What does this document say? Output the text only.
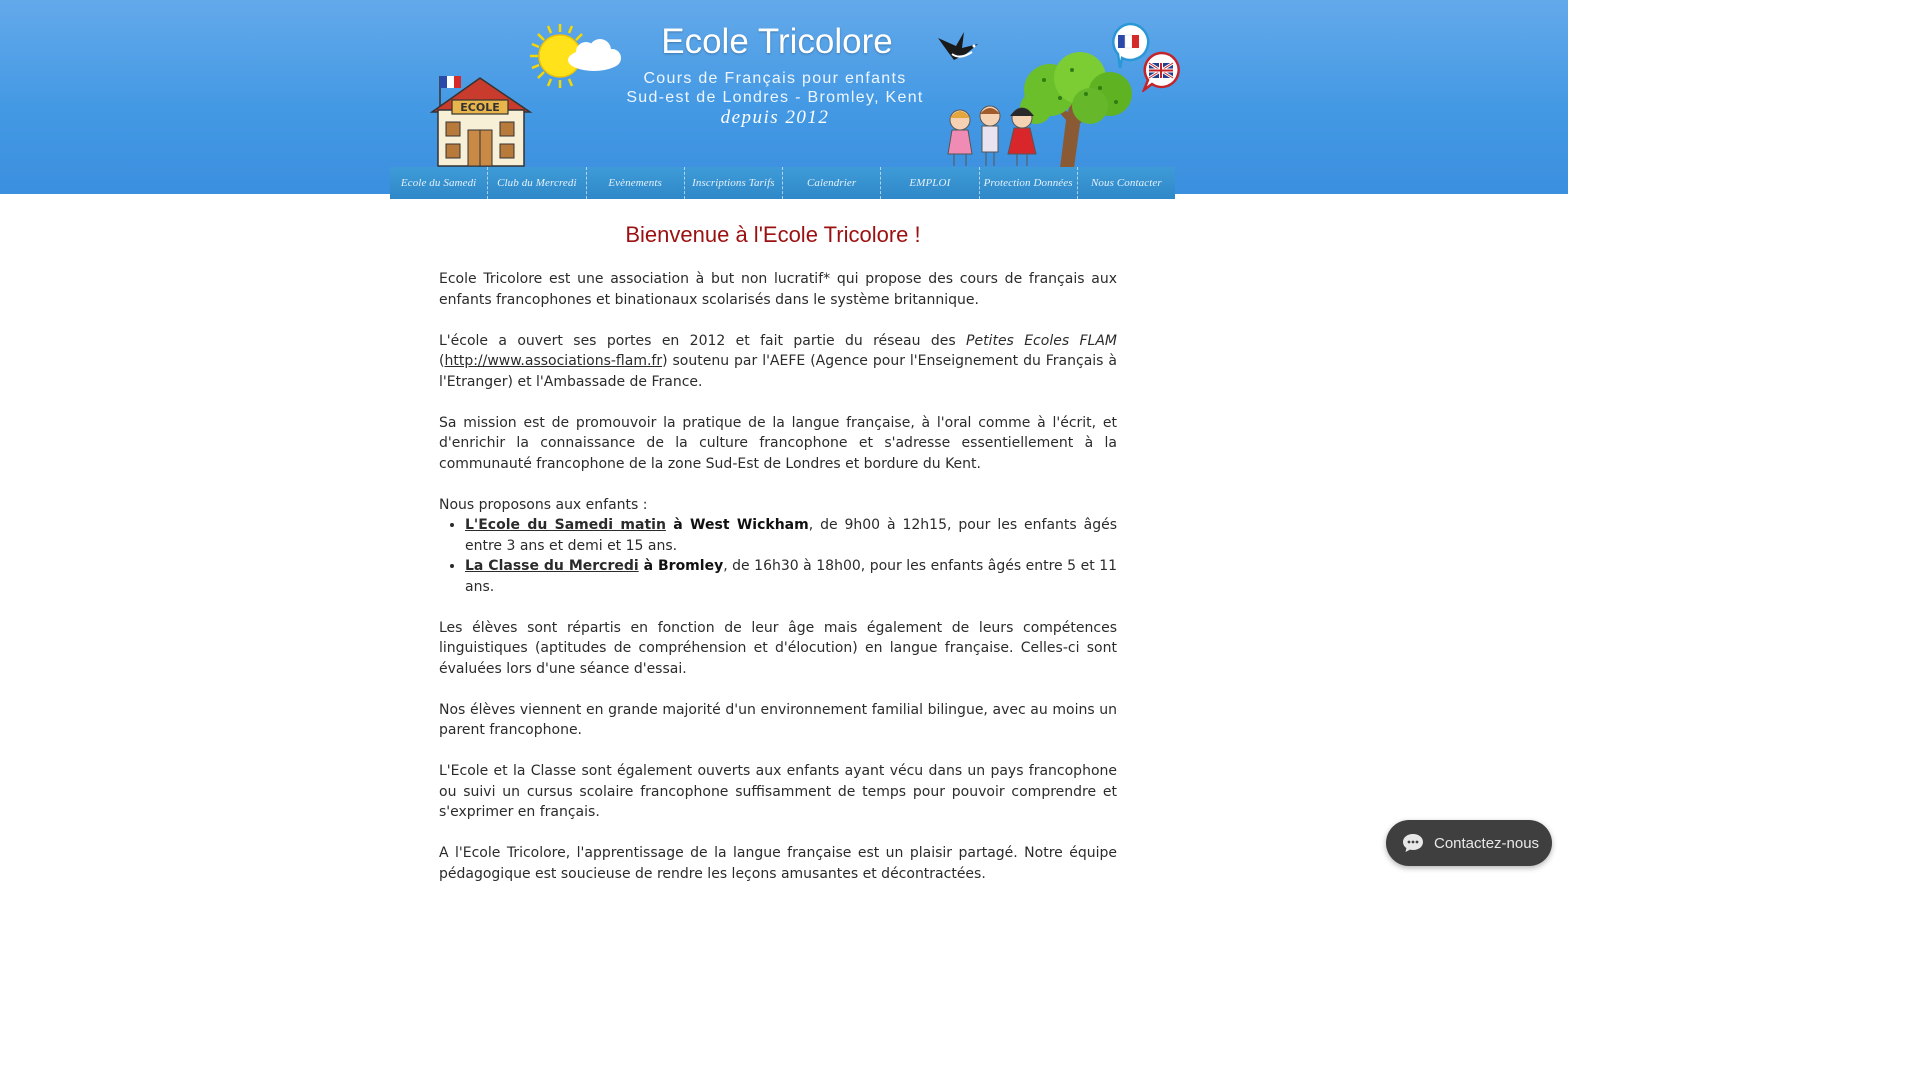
ECOLE
Ecole Tricolore
Cours de Français pour enfants
Sud-est de Londres - Bromley, Kent
depuis 2012
Ecole du Samedi	Club du Mercredi	Evènements	Inscriptions Tarifs	Calendrier	EMPLOI	Protection Données	Nous Contacter
Bienvenue à l'Ecole Tricolore !

Ecole Tricolore est une association à but non lucratif* qui propose des cours de français aux enfants francophones et binationaux scolarisés dans le système britannique.

L'école a ouvert ses portes en 2012 et fait partie du réseau des Petites Ecoles FLAM (http://www.associations-flam.fr) soutenu par l'AEFE (Agence pour l'Enseignement du Français à l'Etranger) et l'Ambassade de France.

Sa mission est de promouvoir la pratique de la langue française, à l'oral comme à l'écrit, et d'enrichir la connaissance de la culture francophone et s'adresse essentiellement à la communauté francophone de la zone Sud-Est de Londres et bordure du Kent.

Nous proposons aux enfants :
• L'Ecole du Samedi matin à West Wickham, de 9h00 à 12h15, pour les enfants âgés entre 3 ans et demi et 15 ans.
• La Classe du Mercredi à Bromley, de 16h30 à 18h00, pour les enfants âgés entre 5 et 11 ans.

Les élèves sont répartis en fonction de leur âge mais également de leurs compétences linguistiques (aptitudes de compréhension et d'élocution) en langue française. Celles-ci sont évaluées lors d'une séance d'essai.

Nos élèves viennent en grande majorité d'un environnement familial bilingue, avec au moins un parent francophone.

L'Ecole et la Classe sont également ouverts aux enfants ayant vécu dans un pays francophone ou suivi un cursus scolaire francophone suffisamment de temps pour pouvoir comprendre et s'exprimer en français.

A l'Ecole Tricolore, l'apprentissage de la langue française est un plaisir partagé. Notre équipe pédagogique est soucieuse de rendre les leçons amusantes et décontractées.

Contactez-nous
